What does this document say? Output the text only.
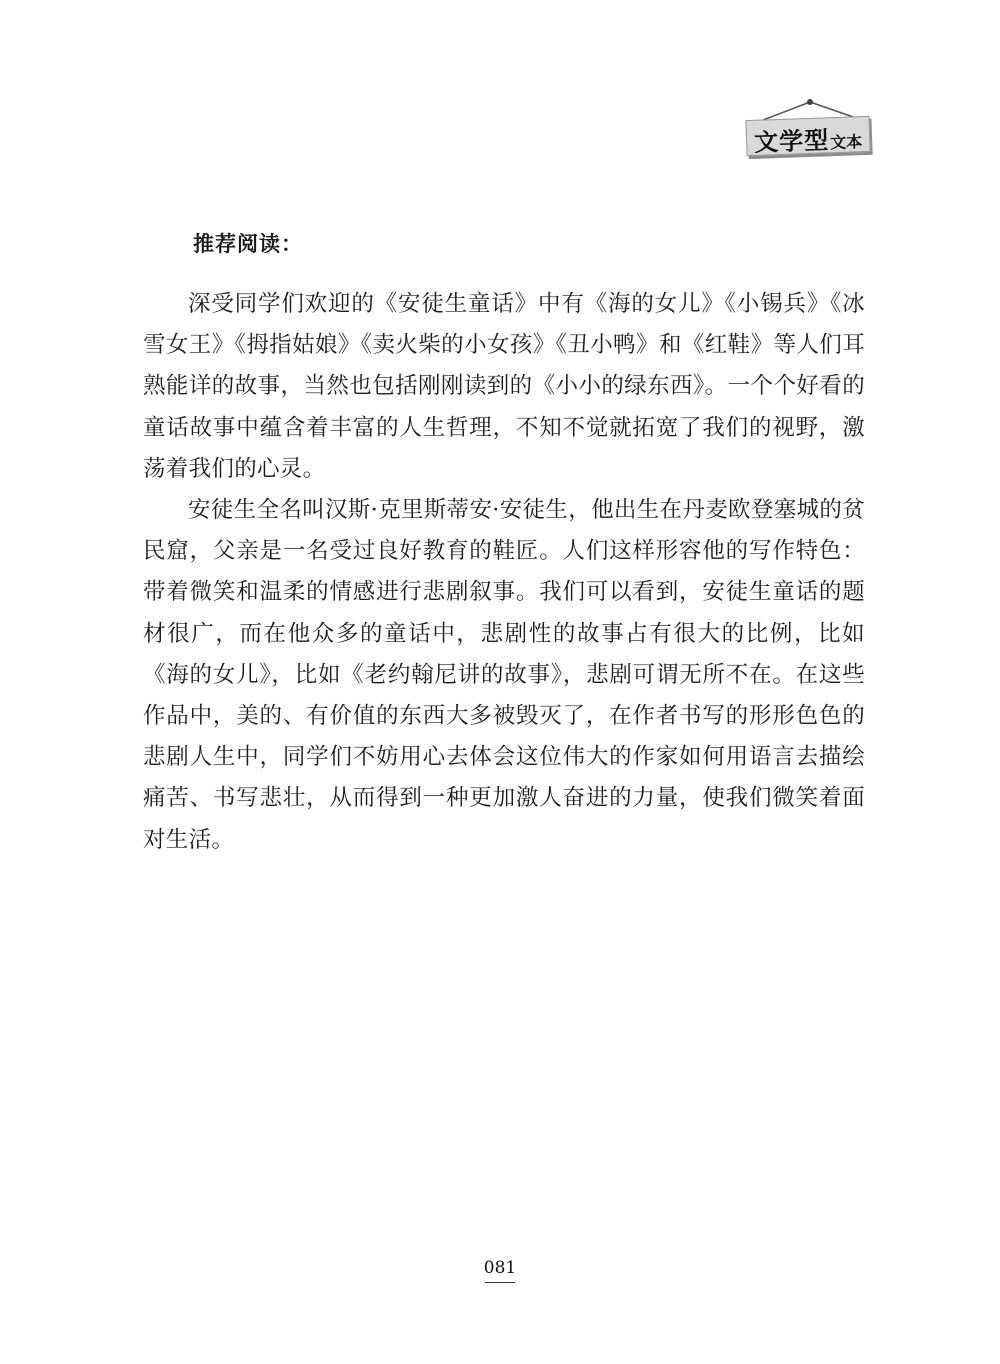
文学型 文本
推荐阅读：

深受同学们欢迎的《安徒生童话》中有《海的女儿》《小锡兵》《冰雪女王》《拇指姑娘》《卖火柴的小女孩》《丑小鸭》和《红鞋》等人们耳熟能详的故事，当然也包括刚刚读到的《小小的绿东西》。一个个好看的童话故事中蕴含着丰富的人生哲理，不知不觉就拓宽了我们的视野，激荡着我们的心灵。

安徒生全名叫汉斯·克里斯蒂安·安徒生，他出生在丹麦欧登塞城的贫民窟，父亲是一名受过良好教育的鞋匠。人们这样形容他的写作特色：带着微笑和温柔的情感进行悲剧叙事。我们可以看到，安徒生童话的题材很广，而在他众多的童话中，悲剧性的故事占有很大的比例，比如《海的女儿》，比如《老约翰尼讲的故事》，悲剧可谓无所不在。在这些作品中，美的、有价值的东西大多被毁灭了，在作者书写的形形色色的悲剧人生中，同学们不妨用心去体会这位伟大的作家如何用语言去描绘痛苦、书写悲壮，从而得到一种更加激人奋进的力量，使我们微笑着面对生活。

081
